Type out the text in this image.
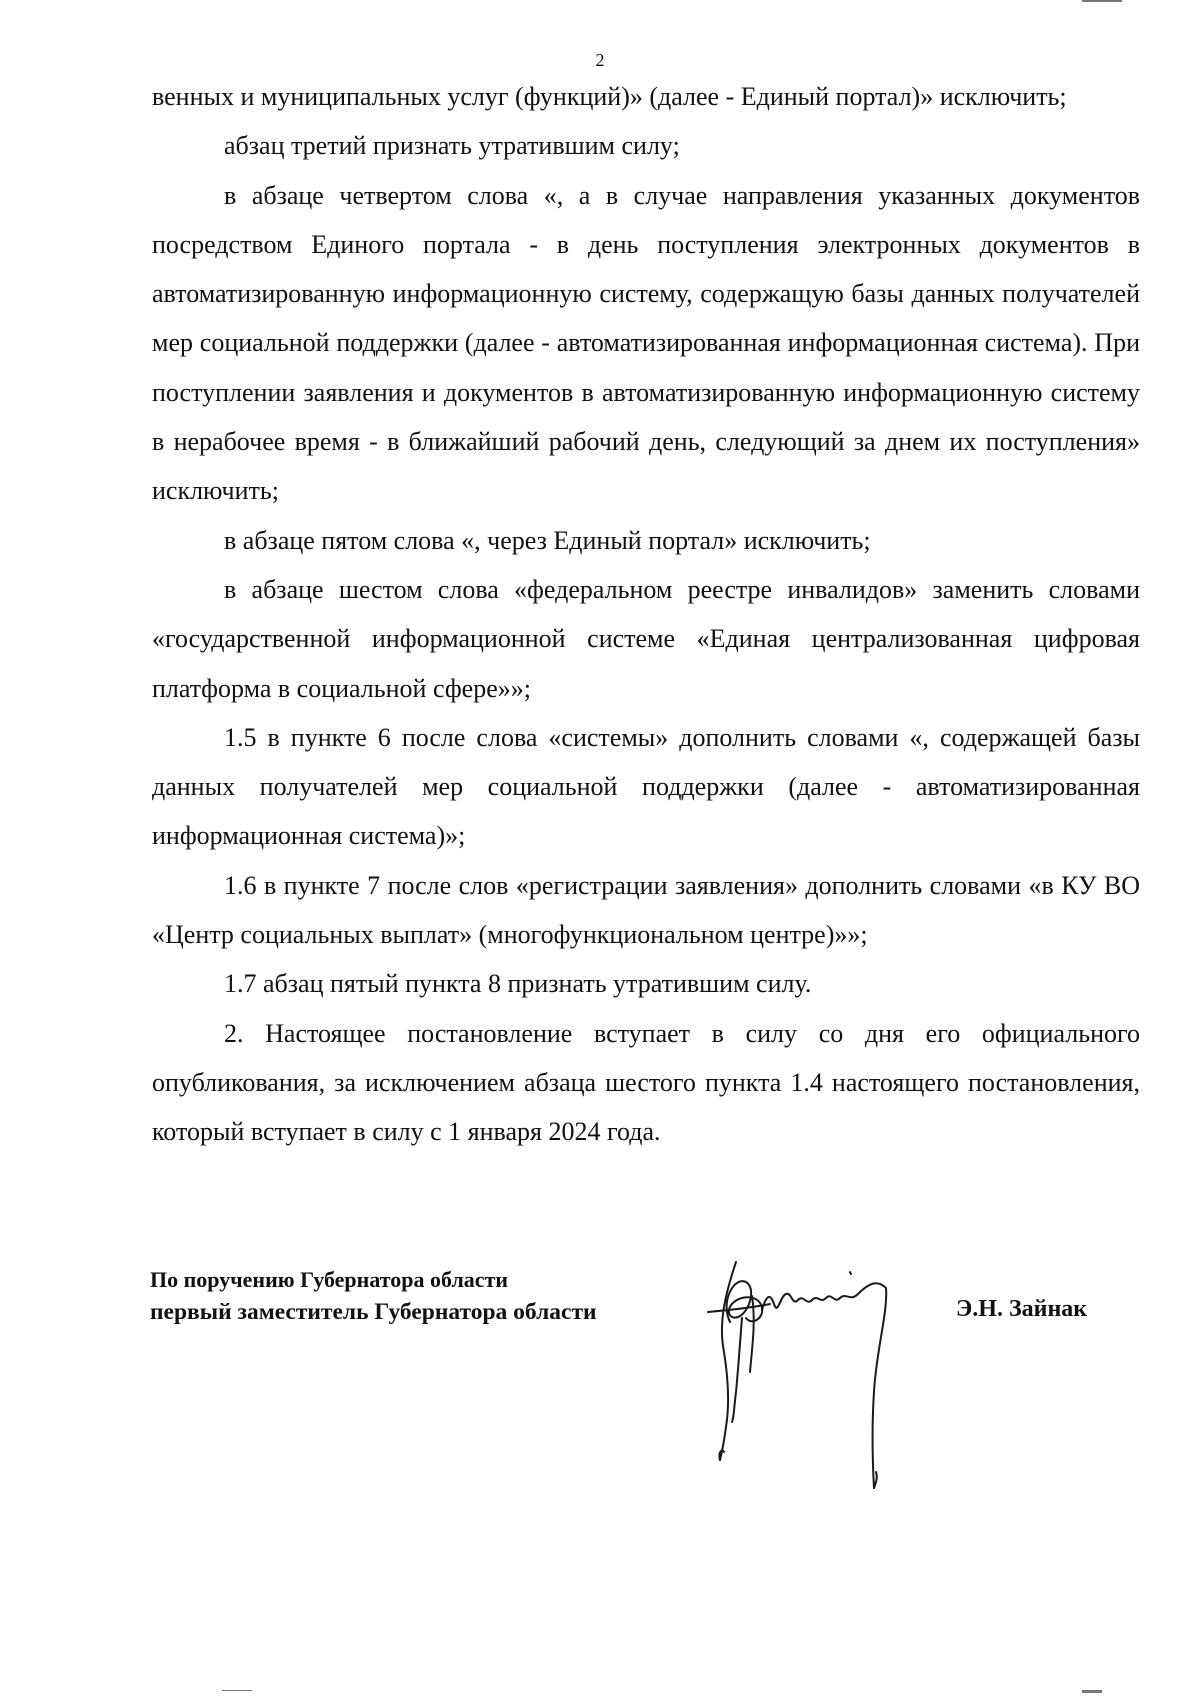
2

венных и муниципальных услуг (функций)» (далее - Единый портал)» исключить;

абзац третий признать утратившим силу;

в абзаце четвертом слова «, а в случае направления указанных документов посредством Единого портала - в день поступления электронных документов в автоматизированную информационную систему, содержащую базы данных получателей мер социальной поддержки (далее - автоматизированная информационная система). При поступлении заявления и документов в автоматизированную информационную систему в нерабочее время - в ближайший рабочий день, следующий за днем их поступления» исключить;

в абзаце пятом слова «, через Единый портал» исключить;

в абзаце шестом слова «федеральном реестре инвалидов» заменить словами «государственной информационной системе «Единая централизованная цифровая платформа в социальной сфере»»;

1.5 в пункте 6 после слова «системы» дополнить словами «, содержащей базы данных получателей мер социальной поддержки (далее - автоматизированная информационная система)»;

1.6 в пункте 7 после слов «регистрации заявления» дополнить словами «в КУ ВО «Центр социальных выплат» (многофункциональном центре)»»;

1.7 абзац пятый пункта 8 признать утратившим силу.

2. Настоящее постановление вступает в силу со дня его официального опубликования, за исключением абзаца шестого пункта 1.4 настоящего постановления, который вступает в силу с 1 января 2024 года.

По поручению Губернатора области
первый заместитель Губернатора области	Э.Н. Зайнак
